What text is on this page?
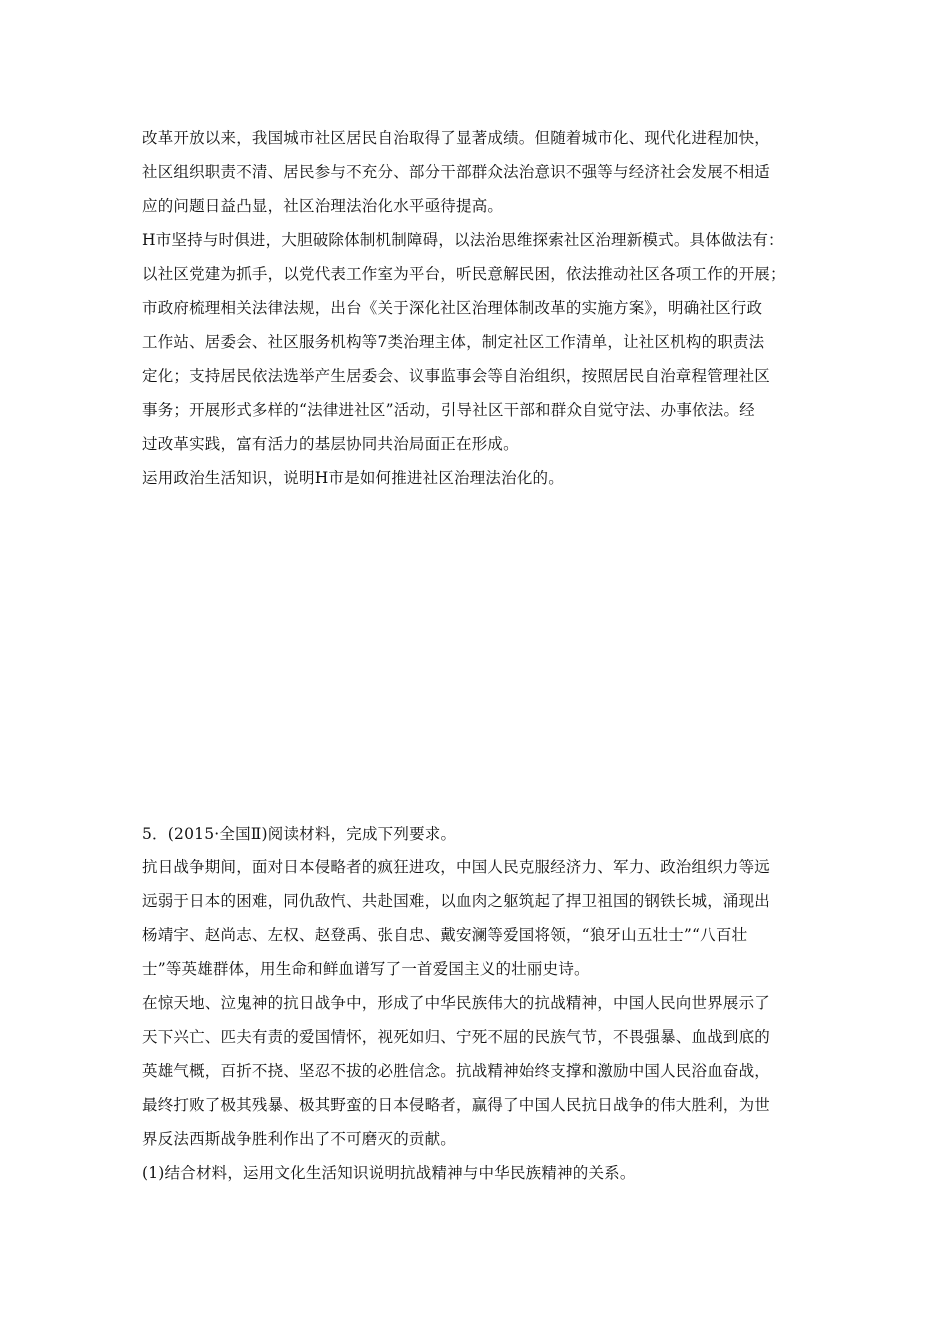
改革开放以来，我国城市社区居民自治取得了显著成绩。但随着城市化、现代化进程加快，
社区组织职责不清、居民参与不充分、部分干部群众法治意识不强等与经济社会发展不相适
应的问题日益凸显，社区治理法治化水平亟待提高。
H市坚持与时俱进，大胆破除体制机制障碍，以法治思维探索社区治理新模式。具体做法有：
以社区党建为抓手，以党代表工作室为平台，听民意解民困，依法推动社区各项工作的开展；
市政府梳理相关法律法规，出台《关于深化社区治理体制改革的实施方案》，明确社区行政
工作站、居委会、社区服务机构等7类治理主体，制定社区工作清单，让社区机构的职责法
定化；支持居民依法选举产生居委会、议事监事会等自治组织，按照居民自治章程管理社区
事务；开展形式多样的“法律进社区”活动，引导社区干部和群众自觉守法、办事依法。经
过改革实践，富有活力的基层协同共治局面正在形成。
运用政治生活知识，说明H市是如何推进社区治理法治化的。
5．(2015·全国Ⅱ)阅读材料，完成下列要求。
抗日战争期间，面对日本侵略者的疯狂进攻，中国人民克服经济力、军力、政治组织力等远
远弱于日本的困难，同仇敌忾、共赴国难，以血肉之躯筑起了捍卫祖国的钢铁长城，涌现出
杨靖宇、赵尚志、左权、赵登禹、张自忠、戴安澜等爱国将领，“狼牙山五壮士”“八百壮
士”等英雄群体，用生命和鲜血谱写了一首爱国主义的壮丽史诗。
在惊天地、泣鬼神的抗日战争中，形成了中华民族伟大的抗战精神，中国人民向世界展示了
天下兴亡、匹夫有责的爱国情怀，视死如归、宁死不屈的民族气节，不畏强暴、血战到底的
英雄气概，百折不挠、坚忍不拔的必胜信念。抗战精神始终支撑和激励中国人民浴血奋战，
最终打败了极其残暴、极其野蛮的日本侵略者，赢得了中国人民抗日战争的伟大胜利，为世
界反法西斯战争胜利作出了不可磨灭的贡献。
(1)结合材料，运用文化生活知识说明抗战精神与中华民族精神的关系。
